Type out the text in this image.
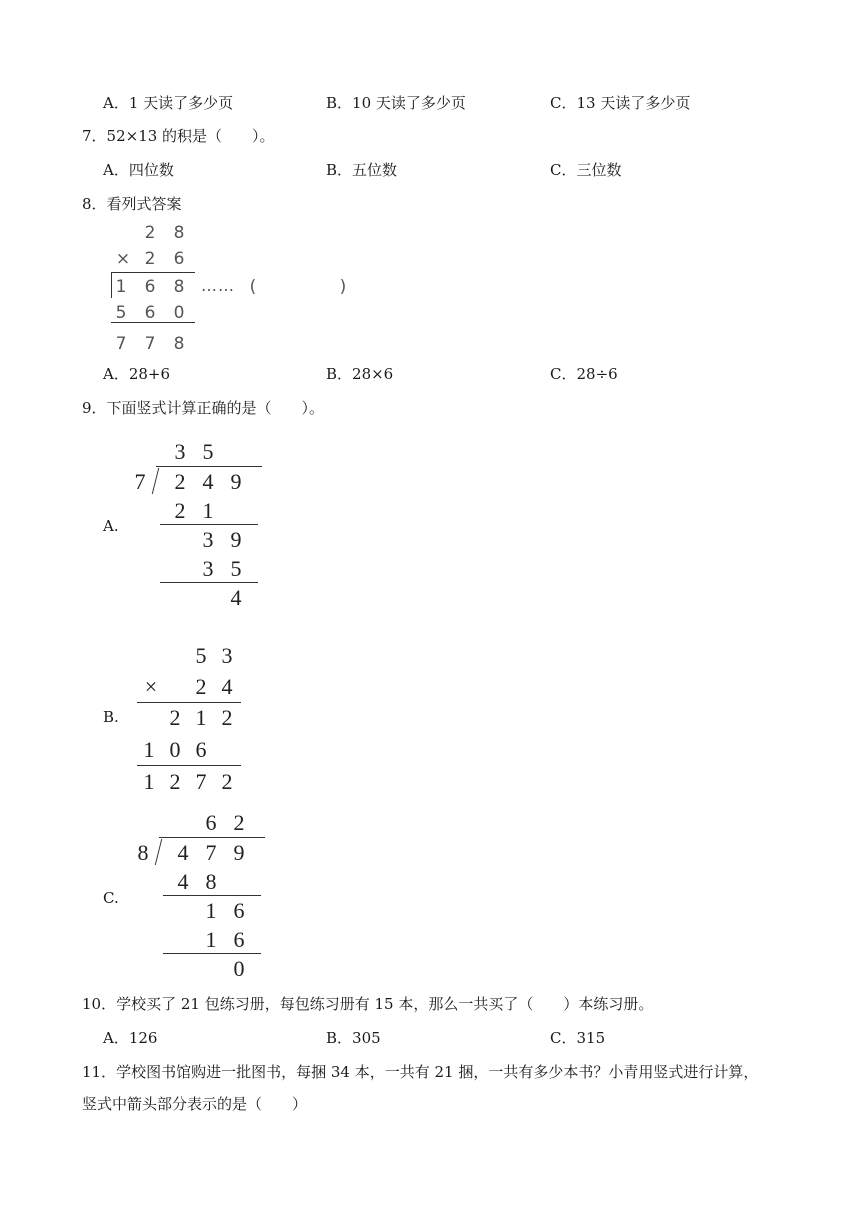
A．1 天读了多少页	B．10 天读了多少页	C．13 天读了多少页
7．52×13 的积是（　　）。
A．四位数	B．五位数	C．三位数
8．看列式答案
2 8
× 2 6
1 6 8 …… (	)
5 6 0
7 7 8
A．28+6	B．28×6	C．28÷6
9．下面竖式计算正确的是（　　）。
A.
3 5
7 2 4 9
2 1
3 9
3 5
4
B.
5 3
× 2 4
2 1 2
1 0 6
1 2 7 2
C.
6 2
8 4 7 9
4 8
1 6
1 6
0
10．学校买了 21 包练习册，每包练习册有 15 本，那么一共买了（　　）本练习册。
A．126	B．305	C．315
11．学校图书馆购进一批图书，每捆 34 本，一共有 21 捆，一共有多少本书？小青用竖式进行计算，
竖式中箭头部分表示的是（　　）
